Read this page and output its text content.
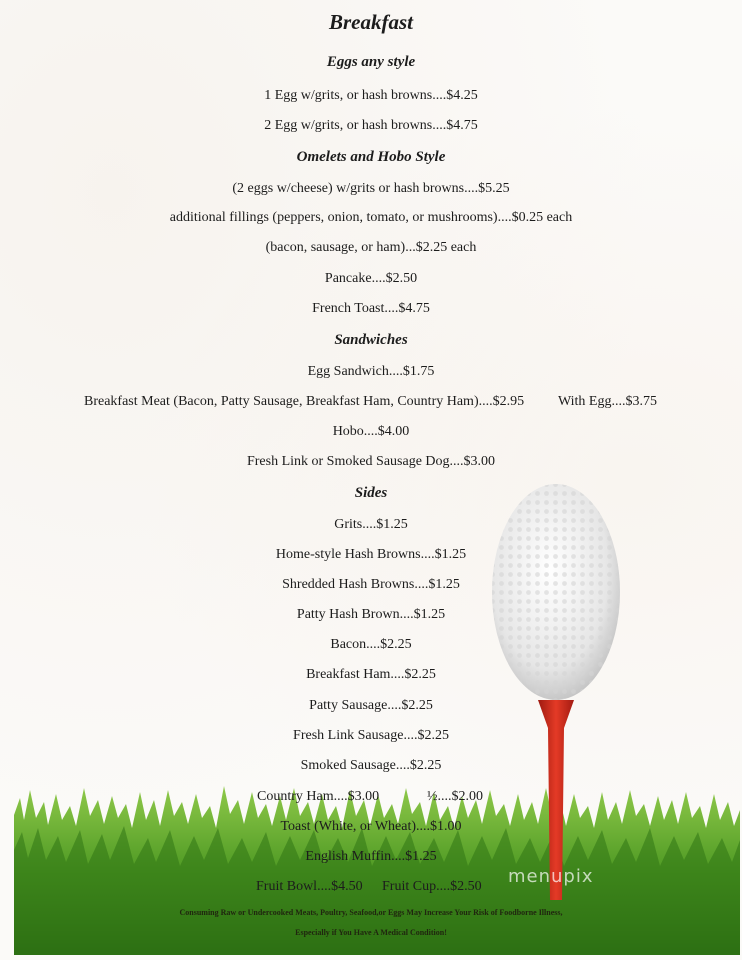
Breakfast
Eggs any style
1 Egg w/grits, or hash browns....$4.25
2 Egg w/grits, or hash browns....$4.75
Omelets and Hobo Style
(2 eggs w/cheese) w/grits or hash browns....$5.25
additional fillings (peppers, onion, tomato, or mushrooms)....$0.25 each
(bacon, sausage, or ham)...$2.25 each
Pancake....$2.50
French Toast....$4.75
Sandwiches
Egg Sandwich....$1.75
Breakfast Meat (Bacon, Patty Sausage, Breakfast Ham, Country Ham)....$2.95 With Egg....$3.75
Hobo....$4.00
Fresh Link or Smoked Sausage Dog....$3.00
Sides
Grits....$1.25
Home-style Hash Browns....$1.25
Shredded Hash Browns....$1.25
Patty Hash Brown....$1.25
Bacon....$2.25
Breakfast Ham....$2.25
Patty Sausage....$2.25
Fresh Link Sausage....$2.25
Smoked Sausage....$2.25
Country Ham....$3.00	½....$2.00
Toast (White, or Wheat)....$1.00
English Muffin....$1.25
Fruit Bowl....$4.50 Fruit Cup....$2.50
Consuming Raw or Undercooked Meats, Poultry, Seafood,or Eggs May Increase Your Risk of Foodborne Illness,
Especially if You Have A Medical Condition!
menupix
